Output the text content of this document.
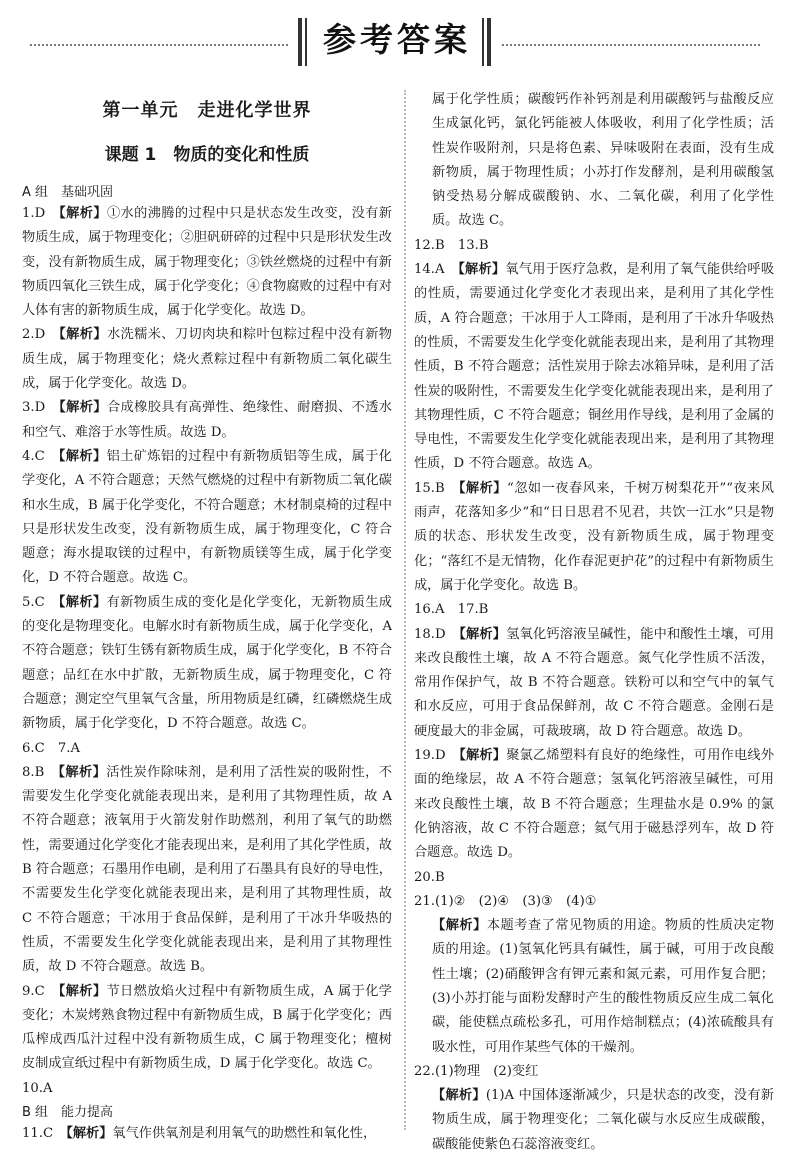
参考答案
第一单元　走进化学世界
课题 1　物质的变化和性质
A 组　基础巩固

1.D　【解析】①水的沸腾的过程中只是状态发生改变，没有新物质生成，属于物理变化；②胆矾研碎的过程中只是形状发生改变，没有新物质生成，属于物理变化；③铁丝燃烧的过程中有新物质四氧化三铁生成，属于化学变化；④食物腐败的过程中有对人体有害的新物质生成，属于化学变化。故选 D。

2.D　【解析】水洗糯米、刀切肉块和粽叶包粽过程中没有新物质生成，属于物理变化；烧火煮粽过程中有新物质二氧化碳生成，属于化学变化。故选 D。

3.D　【解析】合成橡胶具有高弹性、绝缘性、耐磨损、不透水和空气、难溶于水等性质。故选 D。

4.C　【解析】铝土矿炼铝的过程中有新物质铝等生成，属于化学变化，A 不符合题意；天然气燃烧的过程中有新物质二氧化碳和水生成，B 属于化学变化，不符合题意；木材制桌椅的过程中只是形状发生改变，没有新物质生成，属于物理变化，C 符合题意；海水提取镁的过程中，有新物质镁等生成，属于化学变化，D 不符合题意。故选 C。

5.C　【解析】有新物质生成的变化是化学变化，无新物质生成的变化是物理变化。电解水时有新物质生成，属于化学变化，A 不符合题意；铁钉生锈有新物质生成，属于化学变化，B 不符合题意；品红在水中扩散，无新物质生成，属于物理变化，C 符合题意；测定空气里氧气含量，所用物质是红磷，红磷燃烧生成新物质，属于化学变化，D 不符合题意。故选 C。

6.C　7.A

8.B　【解析】活性炭作除味剂，是利用了活性炭的吸附性，不需要发生化学变化就能表现出来，是利用了其物理性质，故 A 不符合题意；液氧用于火箭发射作助燃剂，利用了氧气的助燃性，需要通过化学变化才能表现出来，是利用了其化学性质，故 B 符合题意；石墨用作电刷，是利用了石墨具有良好的导电性，不需要发生化学变化就能表现出来，是利用了其物理性质，故 C 不符合题意；干冰用于食品保鲜，是利用了干冰升华吸热的性质，不需要发生化学变化就能表现出来，是利用了其物理性质，故 D 不符合题意。故选 B。

9.C　【解析】节日燃放焰火过程中有新物质生成，A 属于化学变化；木炭烤熟食物过程中有新物质生成，B 属于化学变化；西瓜榨成西瓜汁过程中没有新物质生成，C 属于物理变化；檀树皮制成宣纸过程中有新物质生成，D 属于化学变化。故选 C。

10.A

B 组　能力提高

11.C　【解析】氧气作供氧剂是利用氧气的助燃性和氧化性，

属于化学性质；碳酸钙作补钙剂是利用碳酸钙与盐酸反应生成氯化钙，氯化钙能被人体吸收，利用了化学性质；活性炭作吸附剂，只是将色素、异味吸附在表面，没有生成新物质，属于物理性质；小苏打作发酵剂，是利用碳酸氢钠受热易分解成碳酸钠、水、二氧化碳，利用了化学性质。故选 C。

12.B　13.B

14.A　【解析】氧气用于医疗急救，是利用了氧气能供给呼吸的性质，需要通过化学变化才表现出来，是利用了其化学性质，A 符合题意；干冰用于人工降雨，是利用了干冰升华吸热的性质，不需要发生化学变化就能表现出来，是利用了其物理性质，B 不符合题意；活性炭用于除去冰箱异味，是利用了活性炭的吸附性，不需要发生化学变化就能表现出来，是利用了其物理性质，C 不符合题意；铜丝用作导线，是利用了金属的导电性，不需要发生化学变化就能表现出来，是利用了其物理性质，D 不符合题意。故选 A。

15.B　【解析】“忽如一夜春风来，千树万树梨花开”“夜来风雨声，花落知多少”和“日日思君不见君，共饮一江水”只是物质的状态、形状发生改变，没有新物质生成，属于物理变化；“落红不是无情物，化作春泥更护花”的过程中有新物质生成，属于化学变化。故选 B。

16.A　17.B

18.D　【解析】氢氧化钙溶液呈碱性，能中和酸性土壤，可用来改良酸性土壤，故 A 不符合题意。氮气化学性质不活泼，常用作保护气，故 B 不符合题意。铁粉可以和空气中的氧气和水反应，可用于食品保鲜剂，故 C 不符合题意。金刚石是硬度最大的非金属，可裁玻璃，故 D 符合题意。故选 D。

19.D　【解析】聚氯乙烯塑料有良好的绝缘性，可用作电线外面的绝缘层，故 A 不符合题意；氢氧化钙溶液呈碱性，可用来改良酸性土壤，故 B 不符合题意；生理盐水是 0.9% 的氯化钠溶液，故 C 不符合题意；氦气用于磁悬浮列车，故 D 符合题意。故选 D。

20.B

21.(1)②　(2)④　(3)③　(4)①

【解析】本题考查了常见物质的用途。物质的性质决定物质的用途。(1)氢氧化钙具有碱性，属于碱，可用于改良酸性土壤；(2)硝酸钾含有钾元素和氮元素，可用作复合肥；(3)小苏打能与面粉发酵时产生的酸性物质反应生成二氧化碳，能使糕点疏松多孔，可用作焙制糕点；(4)浓硫酸具有吸水性，可用作某些气体的干燥剂。

22.(1)物理　(2)变红

【解析】(1)A 中国体逐渐减少，只是状态的改变，没有新物质生成，属于物理变化；二氧化碳与水反应生成碳酸，碳酸能使紫色石蕊溶液变红。
